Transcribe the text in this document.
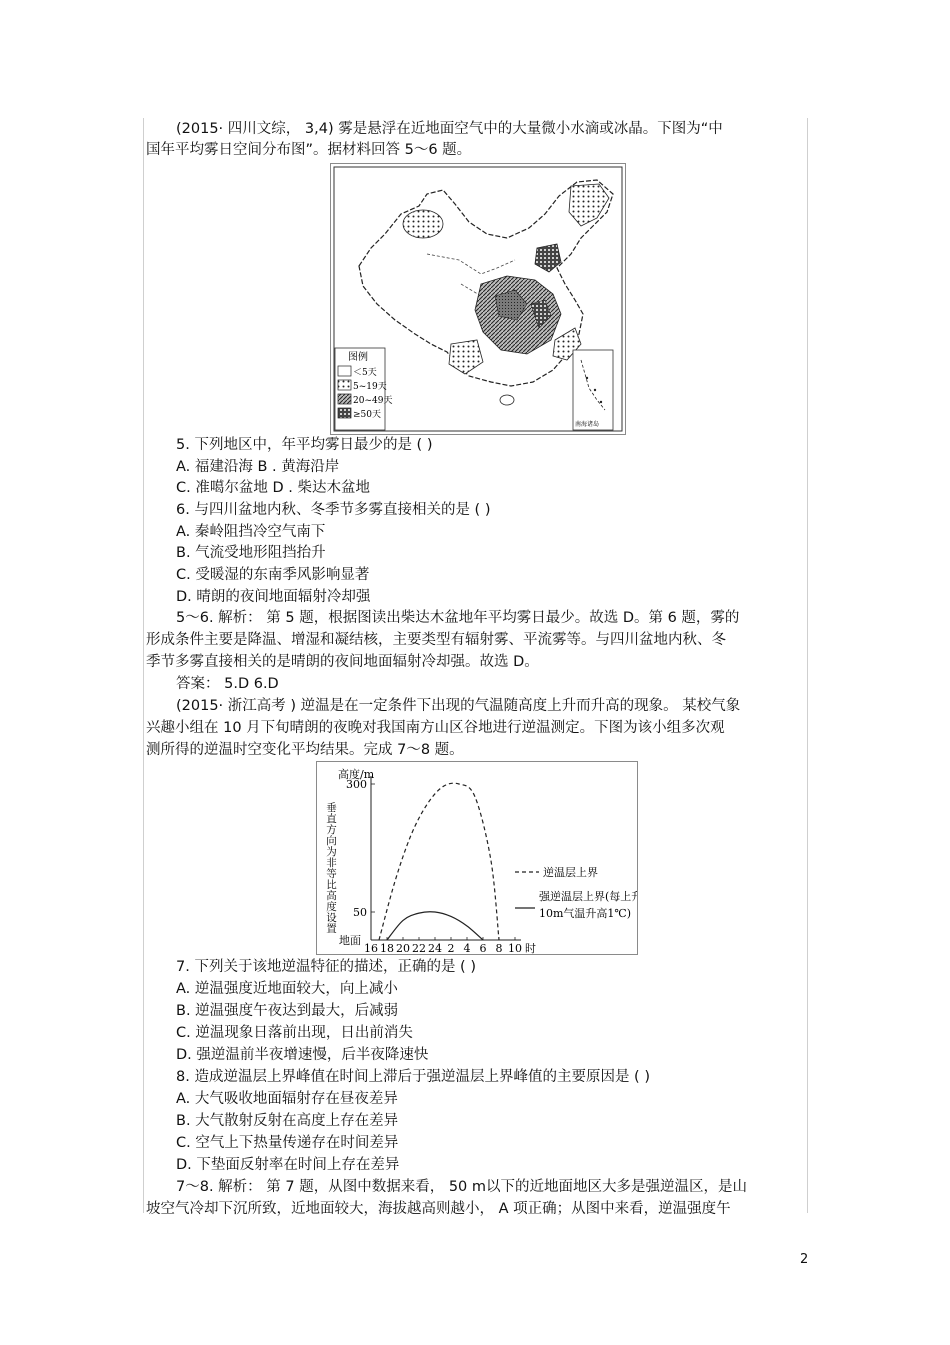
(2015· 四川文综， 3,4) 雾是悬浮在近地面空气中的大量微小水滴或冰晶。下图为“中
国年平均雾日空间分布图”。据材料回答 5～6 题。
图例
＜5天
5~19天
20~49天
≥50天
南海诸岛
5. 下列地区中，年平均雾日最少的是 ( )
A. 福建沿海 B . 黄海沿岸
C. 准噶尔盆地 D . 柴达木盆地
6. 与四川盆地内秋、冬季节多雾直接相关的是 ( )
A. 秦岭阻挡冷空气南下
B. 气流受地形阻挡抬升
C. 受暖湿的东南季风影响显著
D. 晴朗的夜间地面辐射冷却强
5～6. 解析： 第 5 题，根据图读出柴达木盆地年平均雾日最少。故选 D。第 6 题，雾的
形成条件主要是降温、增湿和凝结核，主要类型有辐射雾、平流雾等。与四川盆地内秋、冬
季节多雾直接相关的是晴朗的夜间地面辐射冷却强。故选 D。
答案： 5.D 6.D
(2015· 浙江高考 ) 逆温是在一定条件下出现的气温随高度上升而升高的现象。 某校气象
兴趣小组在 10 月下旬晴朗的夜晚对我国南方山区谷地进行逆温测定。下图为该小组多次观
测所得的逆温时空变化平均结果。完成 7～8 题。
高度/m
垂直方向为非等比高度设置
地面
16 18 20 22 24 2 4 6 8 10 时
50
300
逆温层上界
强逆温层上界(每上升
10m气温升高1℃)
7. 下列关于该地逆温特征的描述，正确的是 ( )
A. 逆温强度近地面较大，向上减小
B. 逆温强度午夜达到最大，后减弱
C. 逆温现象日落前出现，日出前消失
D. 强逆温前半夜增速慢，后半夜降速快
8. 造成逆温层上界峰值在时间上滞后于强逆温层上界峰值的主要原因是 ( )
A. 大气吸收地面辐射存在昼夜差异
B. 大气散射反射在高度上存在差异
C. 空气上下热量传递存在时间差异
D. 下垫面反射率在时间上存在差异
7～8. 解析： 第 7 题，从图中数据来看， 50 m以下的近地面地区大多是强逆温区，是山
坡空气冷却下沉所致，近地面较大，海拔越高则越小， A 项正确；从图中来看，逆温强度午
2
